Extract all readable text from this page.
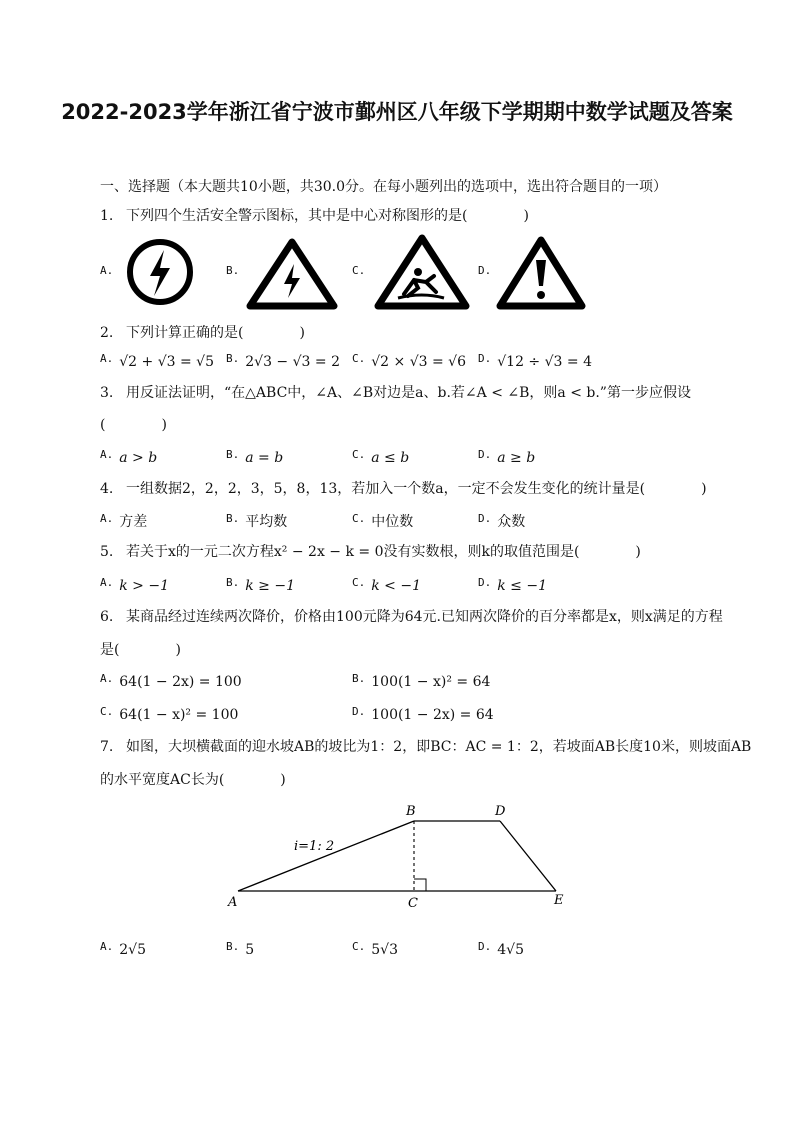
2022-2023学年浙江省宁波市鄞州区八年级下学期期中数学试题及答案
一、选择题（本大题共10小题，共30.0分。在每小题列出的选项中，选出符合题目的一项）
1. 下列四个生活安全警示图标，其中是中心对称图形的是(　　　　)
$^{A.}$	$^{B.}$	$^{C.}$	$^{D.}$
2. 下列计算正确的是(　　　　)
$^{A.}$ √2 + √3 = √5 $^{B.}$ 2√3 − √3 = 2 $^{C.}$ √2 × √3 = √6 $^{D.}$ √12 ÷ √3 = 4
3. 用反证法证明，“在△ABC中，∠A、∠B对边是a、b.若∠A < ∠B，则a < b.”第一步应假设
(　　　　)
$^{A.}$ a > b	$^{B.}$ a = b	$^{C.}$ a ≤ b	$^{D.}$ a ≥ b
4. 一组数据2，2，2，3，5，8，13，若加入一个数a，一定不会发生变化的统计量是(　　　　)
$^{A.}$ 方差	$^{B.}$ 平均数	$^{C.}$ 中位数	$^{D.}$ 众数
5. 若关于x的一元二次方程x² − 2x − k = 0没有实数根，则k的取值范围是(　　　　)
$^{A.}$ k > −1	$^{B.}$ k ≥ −1	$^{C.}$ k < −1	$^{D.}$ k ≤ −1
6. 某商品经过连续两次降价，价格由100元降为64元.已知两次降价的百分率都是x，则x满足的方程
是(　　　　)
$^{A.}$ 64(1 − 2x) = 100	$^{B.}$ 100(1 − x)² = 64
$^{C.}$ 64(1 − x)² = 100	$^{D.}$ 100(1 − 2x) = 64
7. 如图，大坝横截面的迎水坡AB的坡比为1：2，即BC：AC = 1：2，若坡面AB长度10米，则坡面AB
的水平宽度AC长为(　　　　)
A
B
C
D
E
i=1: 2
$^{A.}$ 2√5	$^{B.}$ 5	$^{C.}$ 5√3	$^{D.}$ 4√5
